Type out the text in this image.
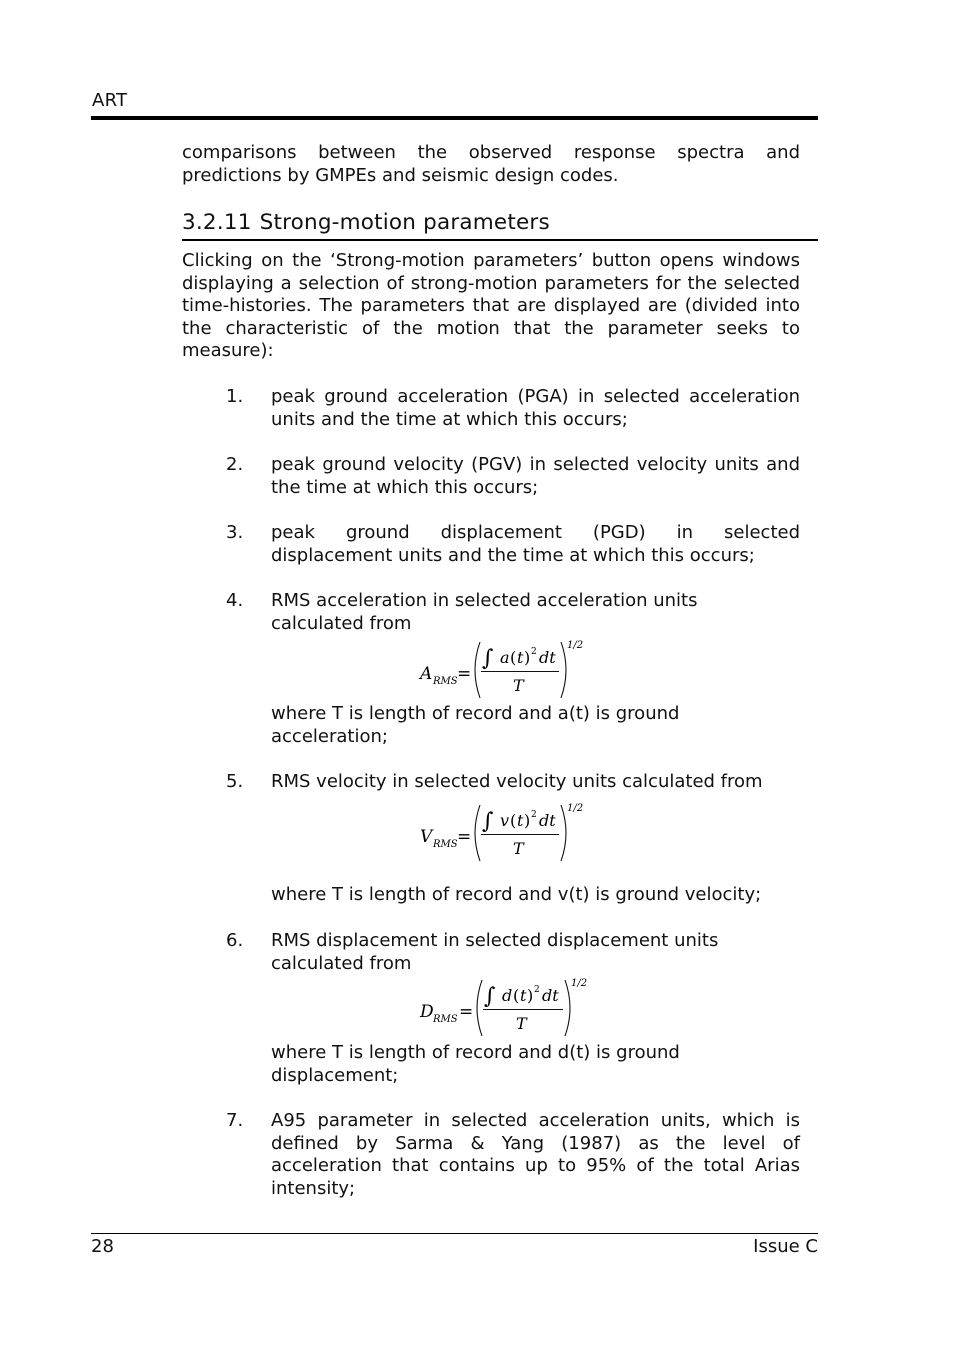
ART
comparisons between the observed response spectra and predictions by GMPEs and seismic design codes.
3.2.11 Strong-motion parameters
Clicking on the ‘Strong-motion parameters’ button opens windows displaying a selection of strong-motion parameters for the selected time-histories. The parameters that are displayed are (divided into the characteristic of the motion that the parameter seeks to measure):
1.	peak ground acceleration (PGA) in selected acceleration units and the time at which this occurs;
2.	peak ground velocity (PGV) in selected velocity units and the time at which this occurs;
3.	peak ground displacement (PGD) in selected displacement units and the time at which this occurs;
4.	RMS acceleration in selected acceleration units calculated from
A RMS =
∫ a ( t ) 2 dt
T
1/2
where T is length of record and a(t) is ground acceleration;
5.	RMS velocity in selected velocity units calculated from
V RMS =
∫ v ( t ) 2 dt
T
1/2
where T is length of record and v(t) is ground velocity;
6.	RMS displacement in selected displacement units calculated from
D RMS =
∫ d ( t ) 2 dt
T
1/2
where T is length of record and d(t) is ground displacement;
7.	A95 parameter in selected acceleration units, which is defined by Sarma & Yang (1987) as the level of acceleration that contains up to 95% of the total Arias intensity;
28	Issue C
